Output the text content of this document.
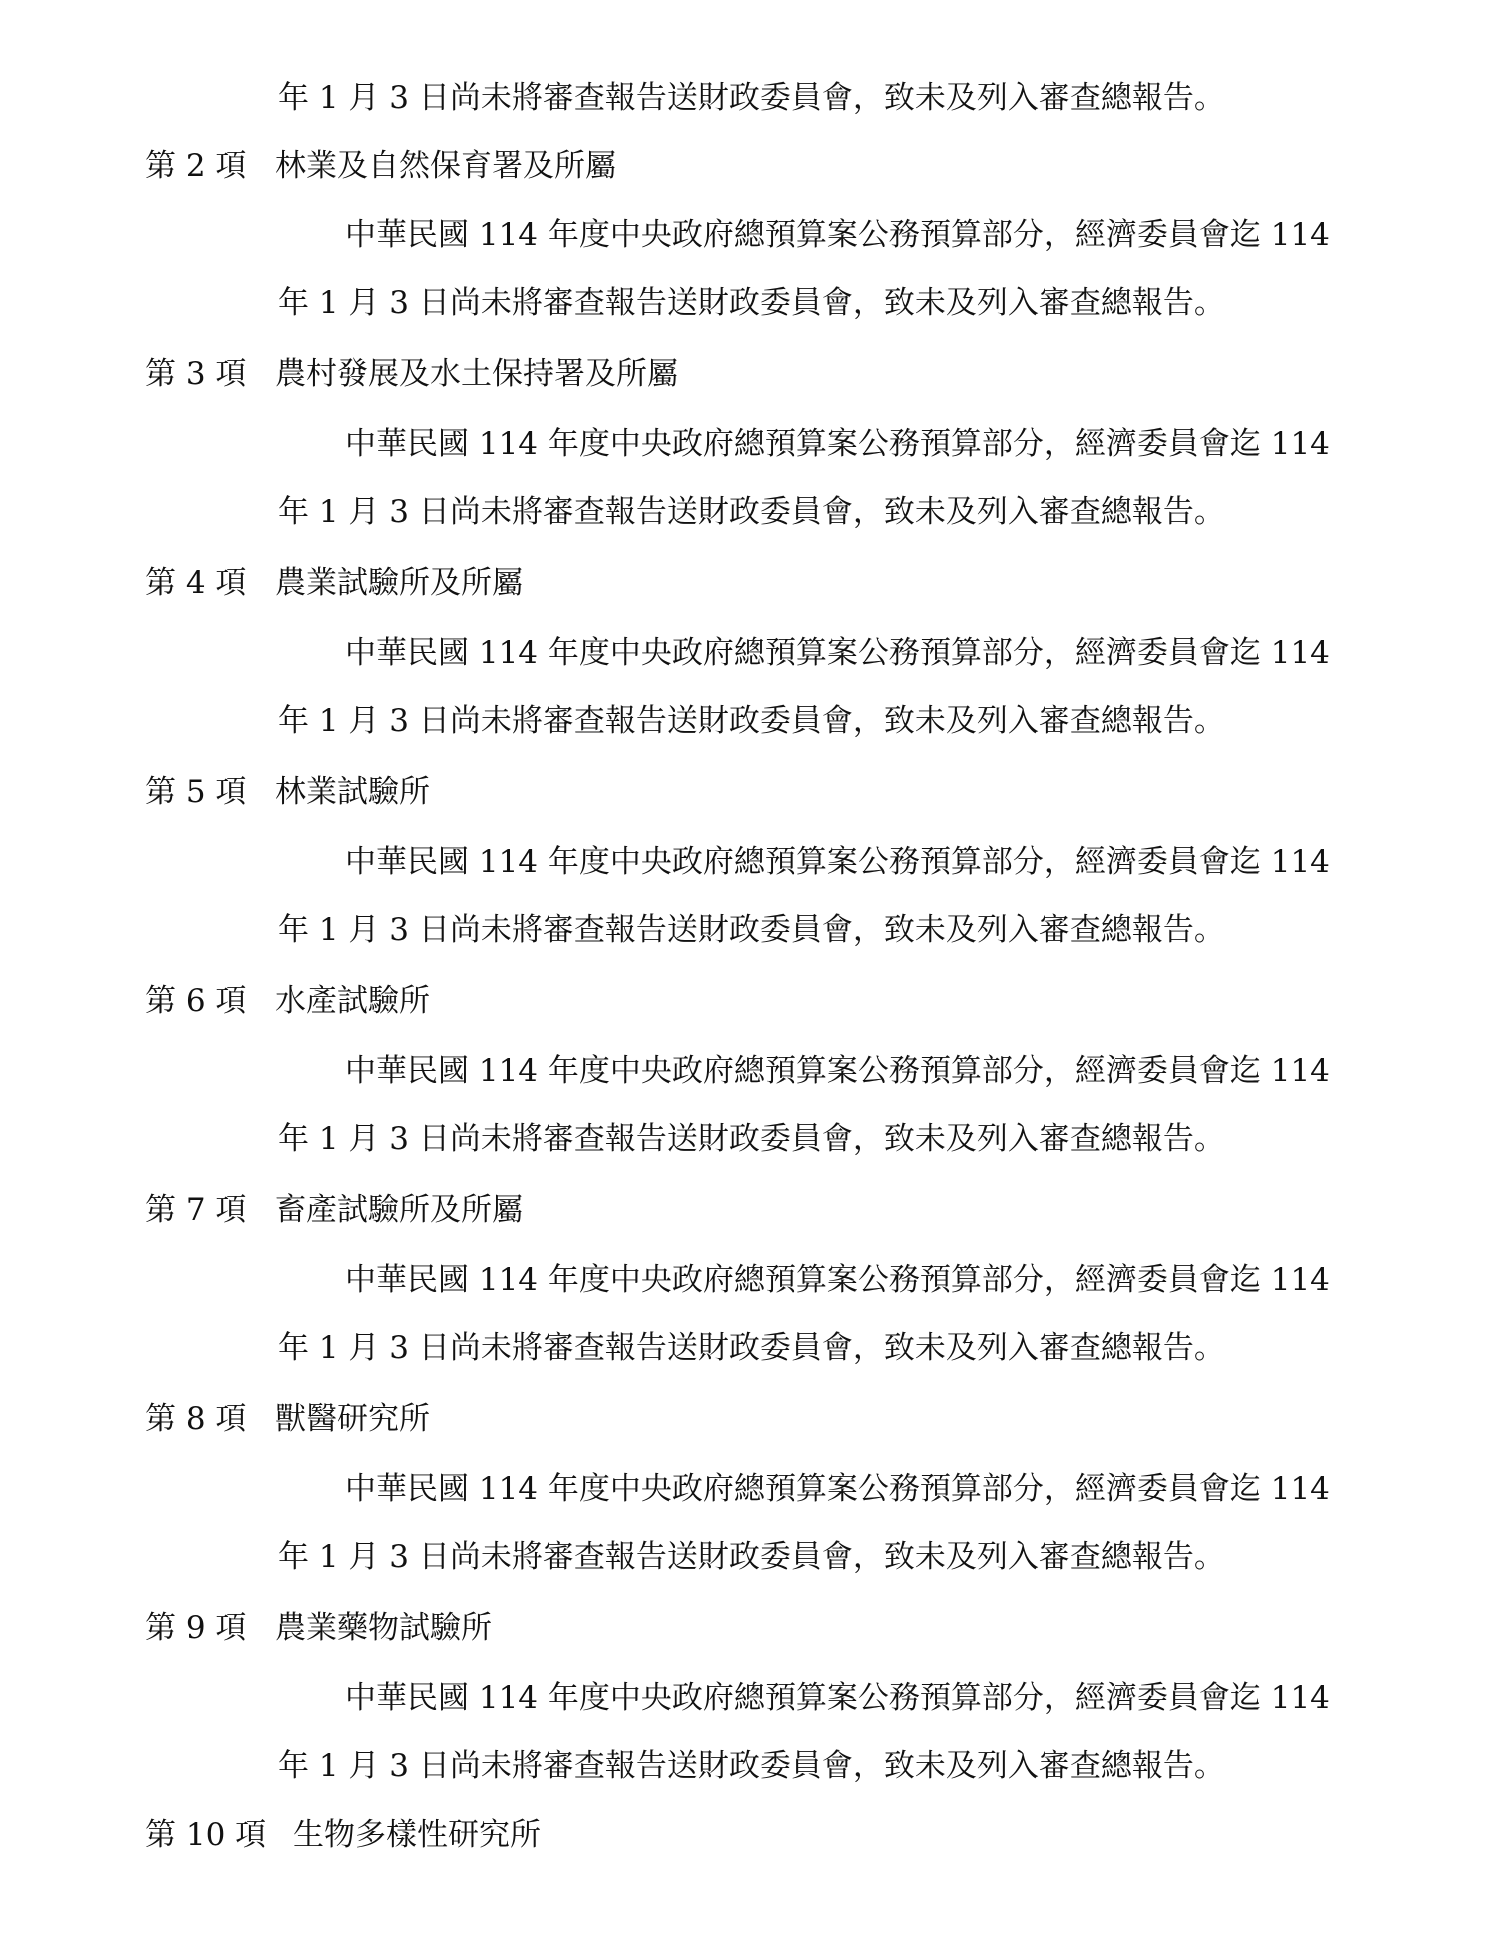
年 1 月 3 日尚未將審查報告送財政委員會，致未及列入審查總報告。
第 2 項 林業及自然保育署及所屬
中華民國 114 年度中央政府總預算案公務預算部分，經濟委員會迄 114
年 1 月 3 日尚未將審查報告送財政委員會，致未及列入審查總報告。
第 3 項 農村發展及水土保持署及所屬
中華民國 114 年度中央政府總預算案公務預算部分，經濟委員會迄 114
年 1 月 3 日尚未將審查報告送財政委員會，致未及列入審查總報告。
第 4 項 農業試驗所及所屬
中華民國 114 年度中央政府總預算案公務預算部分，經濟委員會迄 114
年 1 月 3 日尚未將審查報告送財政委員會，致未及列入審查總報告。
第 5 項 林業試驗所
中華民國 114 年度中央政府總預算案公務預算部分，經濟委員會迄 114
年 1 月 3 日尚未將審查報告送財政委員會，致未及列入審查總報告。
第 6 項 水產試驗所
中華民國 114 年度中央政府總預算案公務預算部分，經濟委員會迄 114
年 1 月 3 日尚未將審查報告送財政委員會，致未及列入審查總報告。
第 7 項 畜產試驗所及所屬
中華民國 114 年度中央政府總預算案公務預算部分，經濟委員會迄 114
年 1 月 3 日尚未將審查報告送財政委員會，致未及列入審查總報告。
第 8 項 獸醫研究所
中華民國 114 年度中央政府總預算案公務預算部分，經濟委員會迄 114
年 1 月 3 日尚未將審查報告送財政委員會，致未及列入審查總報告。
第 9 項 農業藥物試驗所
中華民國 114 年度中央政府總預算案公務預算部分，經濟委員會迄 114
年 1 月 3 日尚未將審查報告送財政委員會，致未及列入審查總報告。
第 10 項 生物多樣性研究所
